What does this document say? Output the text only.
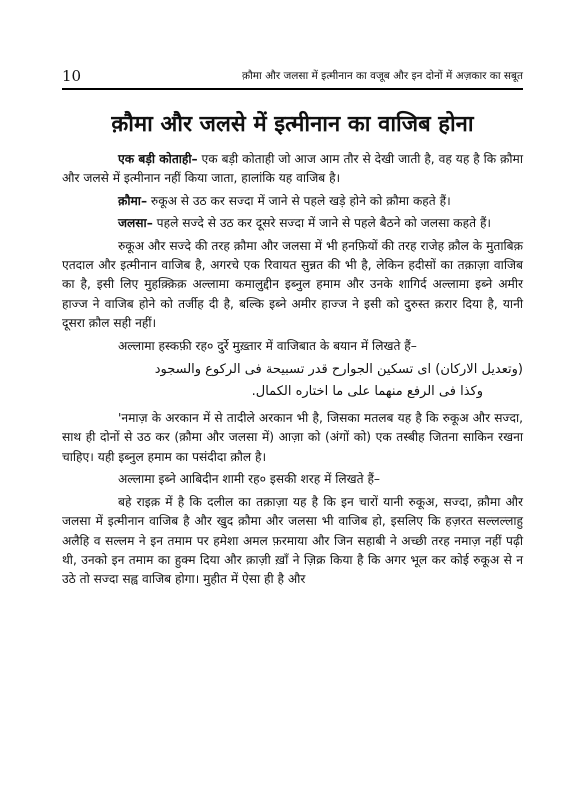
10	क़ौमा और जलसा में इत्मीनान का वजूब और इन दोनों में अज़कार का सबूत
क़ौमा और जलसे में इत्मीनान का वाजिब होना

एक बड़ी कोताही– एक बड़ी कोताही जो आज आम तौर से देखी जाती है, वह यह है कि क़ौमा और जलसे में इत्मीनान नहीं किया जाता, हालांकि यह वाजिब है।

क़ौमा– रुकूअ से उठ कर सज्दा में जाने से पहले खड़े होने को क़ौमा कहते हैं।

जलसा– पहले सज्दे से उठ कर दूसरे सज्दा में जाने से पहले बैठने को जलसा कहते हैं।

रुकूअ और सज्दे की तरह क़ौमा और जलसा में भी हनफ़ियों की तरह राजेह क़ौल के मुताबिक़ एतदाल और इत्मीनान वाजिब है, अगरचे एक रिवायत सुन्नत की भी है, लेकिन हदीसों का तक़ाज़ा वाजिब का है, इसी लिए मुहक़्क़िक़ अल्लामा कमालुद्दीन इब्नुल हमाम और उनके शागिर्द अल्लामा इब्ने अमीर हाज्ज ने वाजिब होने को तर्जीह दी है, बल्कि इब्ने अमीर हाज्ज ने इसी को दुरुस्त क़रार दिया है, यानी दूसरा क़ौल सही नहीं।

अल्लामा हस्कफ़ी रह० दुर्रे मुख़्तार में वाजिबात के बयान में लिखते हैं–

(وتعديل الاركان) اى تسكين الجوارح قدر تسبيحة فى الركوع والسجود
وكذا فى الرفع منهما على ما اختاره الكمال.

'नमाज़ के अरकान में से तादीले अरकान भी है, जिसका मतलब यह है कि रुकूअ और सज्दा, साथ ही दोनों से उठ कर (क़ौमा और जलसा में) आज़ा को (अंगों को) एक तस्बीह जितना साकिन रखना चाहिए। यही इब्नुल हमाम का पसंदीदा क़ौल है।

अल्लामा इब्ने आबिदीन शामी रह० इसकी शरह में लिखते हैं–

बहे राइक़ में है कि दलील का तक़ाज़ा यह है कि इन चारों यानी रुकूअ, सज्दा, क़ौमा और जलसा में इत्मीनान वाजिब है और खुद क़ौमा और जलसा भी वाजिब हो, इसलिए कि हज़रत सल्लल्लाहु अलैहि व सल्लम ने इन तमाम पर हमेशा अमल फ़रमाया और जिन सहाबी ने अच्छी तरह नमाज़ नहीं पढ़ी थी, उनको इन तमाम का हुक्म दिया और क़ाज़ी ख़ाँ ने ज़िक्र किया है कि अगर भूल कर कोई रुकूअ से न उठे तो सज्दा सह्व वाजिब होगा। मुहीत में ऐसा ही है और
